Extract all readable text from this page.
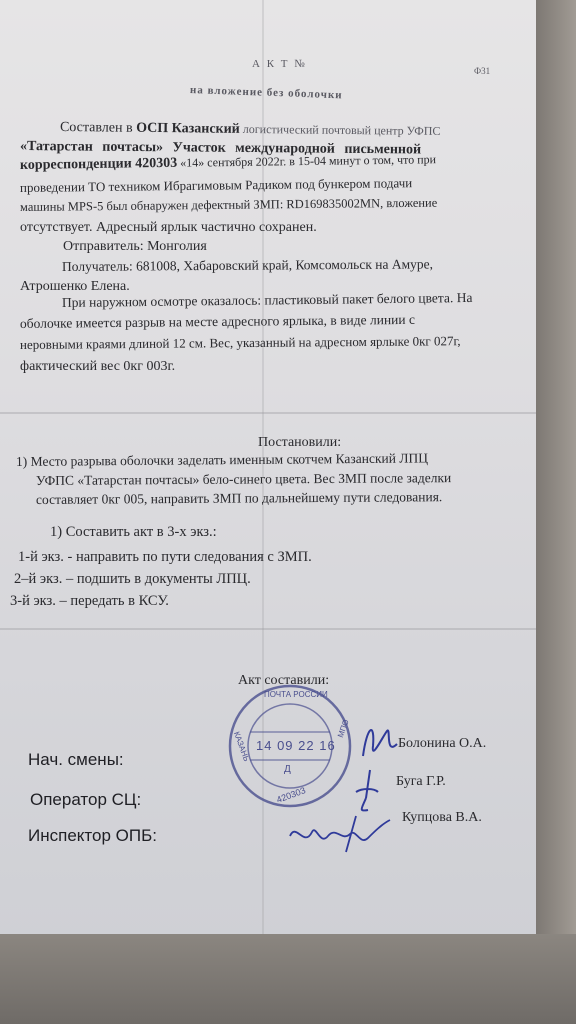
А К Т №
Ф31
на вложение без оболочки
Составлен в ОСП Казанский логистический почтовый центр УФПС
«Татарстан почтасы» Участок международной письменной
корреспонденции 420303 «14» сентября 2022г. в 15-04 минут о том, что при
проведении ТО техником Ибрагимовым Радиком под бункером подачи
машины MPS-5 был обнаружен дефектный ЗМП: RD169835002MN, вложение
отсутствует. Адресный ярлык частично сохранен.
Отправитель: Монголия
Получатель: 681008, Хабаровский край, Комсомольск на Амуре,
Атрошенко Елена.
При наружном осмотре оказалось: пластиковый пакет белого цвета. На
оболочке имеется разрыв на месте адресного ярлыка, в виде линии с
неровными краями длиной 12 см. Вес, указанный на адресном ярлыке 0кг 027г,
фактический вес 0кг 003г.
Постановили:
1) Место разрыва оболочки заделать именным скотчем Казанский ЛПЦ
УФПС «Татарстан почтасы» бело-синего цвета. Вес ЗМП после заделки
составляет 0кг 005, направить ЗМП по дальнейшему пути следования.
1) Составить акт в 3-х экз.:
1-й экз. - направить по пути следования с ЗМП.
2–й экз. – подшить в документы ЛПЦ.
3-й экз. – передать в КСУ.
Акт составили:
ПОЧТА РОССИИ
14 09 22 16
Д
КАЗАНЬ
МПО
420303
Нач. смены:
Болонина О.А.
Оператор СЦ:
Буга Г.Р.
Инспектор ОПБ:
Купцова В.А.
